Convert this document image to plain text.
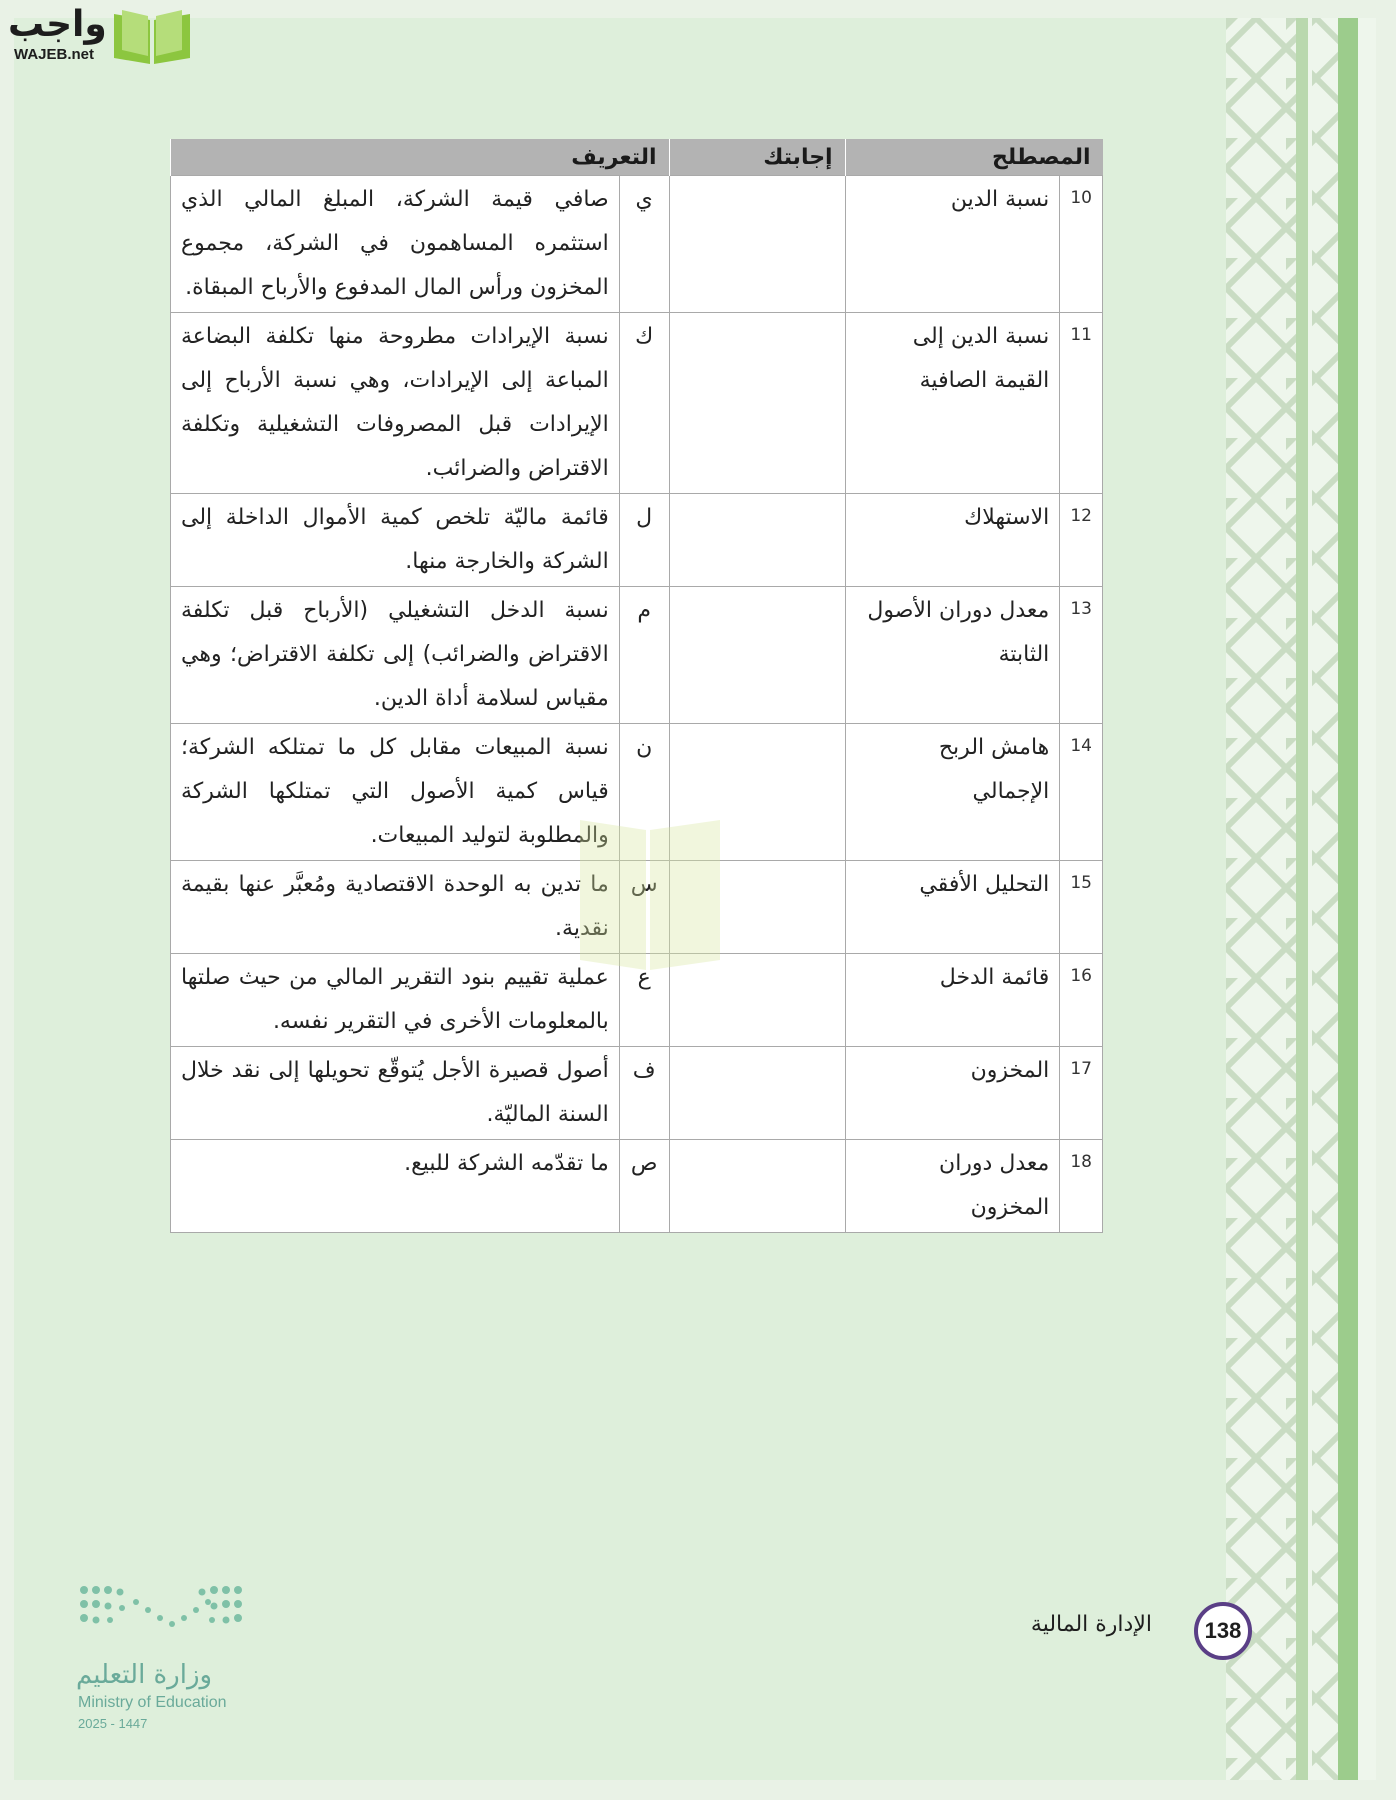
واجب
WAJEB.net
المصطلح		إجابتك	التعريف	
10	نسبة الدين		ي	صافي قيمة الشركة، المبلغ المالي الذي استثمره المساهمون في الشركة، مجموع المخزون ورأس المال المدفوع والأرباح المبقاة.
11	نسبة الدين إلى القيمة الصافية		ك	نسبة الإيرادات مطروحة منها تكلفة البضاعة المباعة إلى الإيرادات، وهي نسبة الأرباح إلى الإيرادات قبل المصروفات التشغيلية وتكلفة الاقتراض والضرائب.
12	الاستهلاك		ل	قائمة ماليّة تلخص كمية الأموال الداخلة إلى الشركة والخارجة منها.
13	معدل دوران الأصول الثابتة		م	نسبة الدخل التشغيلي (الأرباح قبل تكلفة الاقتراض والضرائب) إلى تكلفة الاقتراض؛ وهي مقياس لسلامة أداة الدين.
14	هامش الربح الإجمالي		ن	نسبة المبيعات مقابل كل ما تمتلكه الشركة؛ قياس كمية الأصول التي تمتلكها الشركة والمطلوبة لتوليد المبيعات.
15	التحليل الأفقي		س	ما تدين به الوحدة الاقتصادية ومُعبَّر عنها بقيمة نقدية.
16	قائمة الدخل		ع	عملية تقييم بنود التقرير المالي من حيث صلتها بالمعلومات الأخرى في التقرير نفسه.
17	المخزون		ف	أصول قصيرة الأجل يُتوقّع تحويلها إلى نقد خلال السنة الماليّة.
18	معدل دوران المخزون		ص	ما تقدّمه الشركة للبيع.
138
الإدارة المالية
وزارة التعليم
Ministry of Education
2025 - 1447
